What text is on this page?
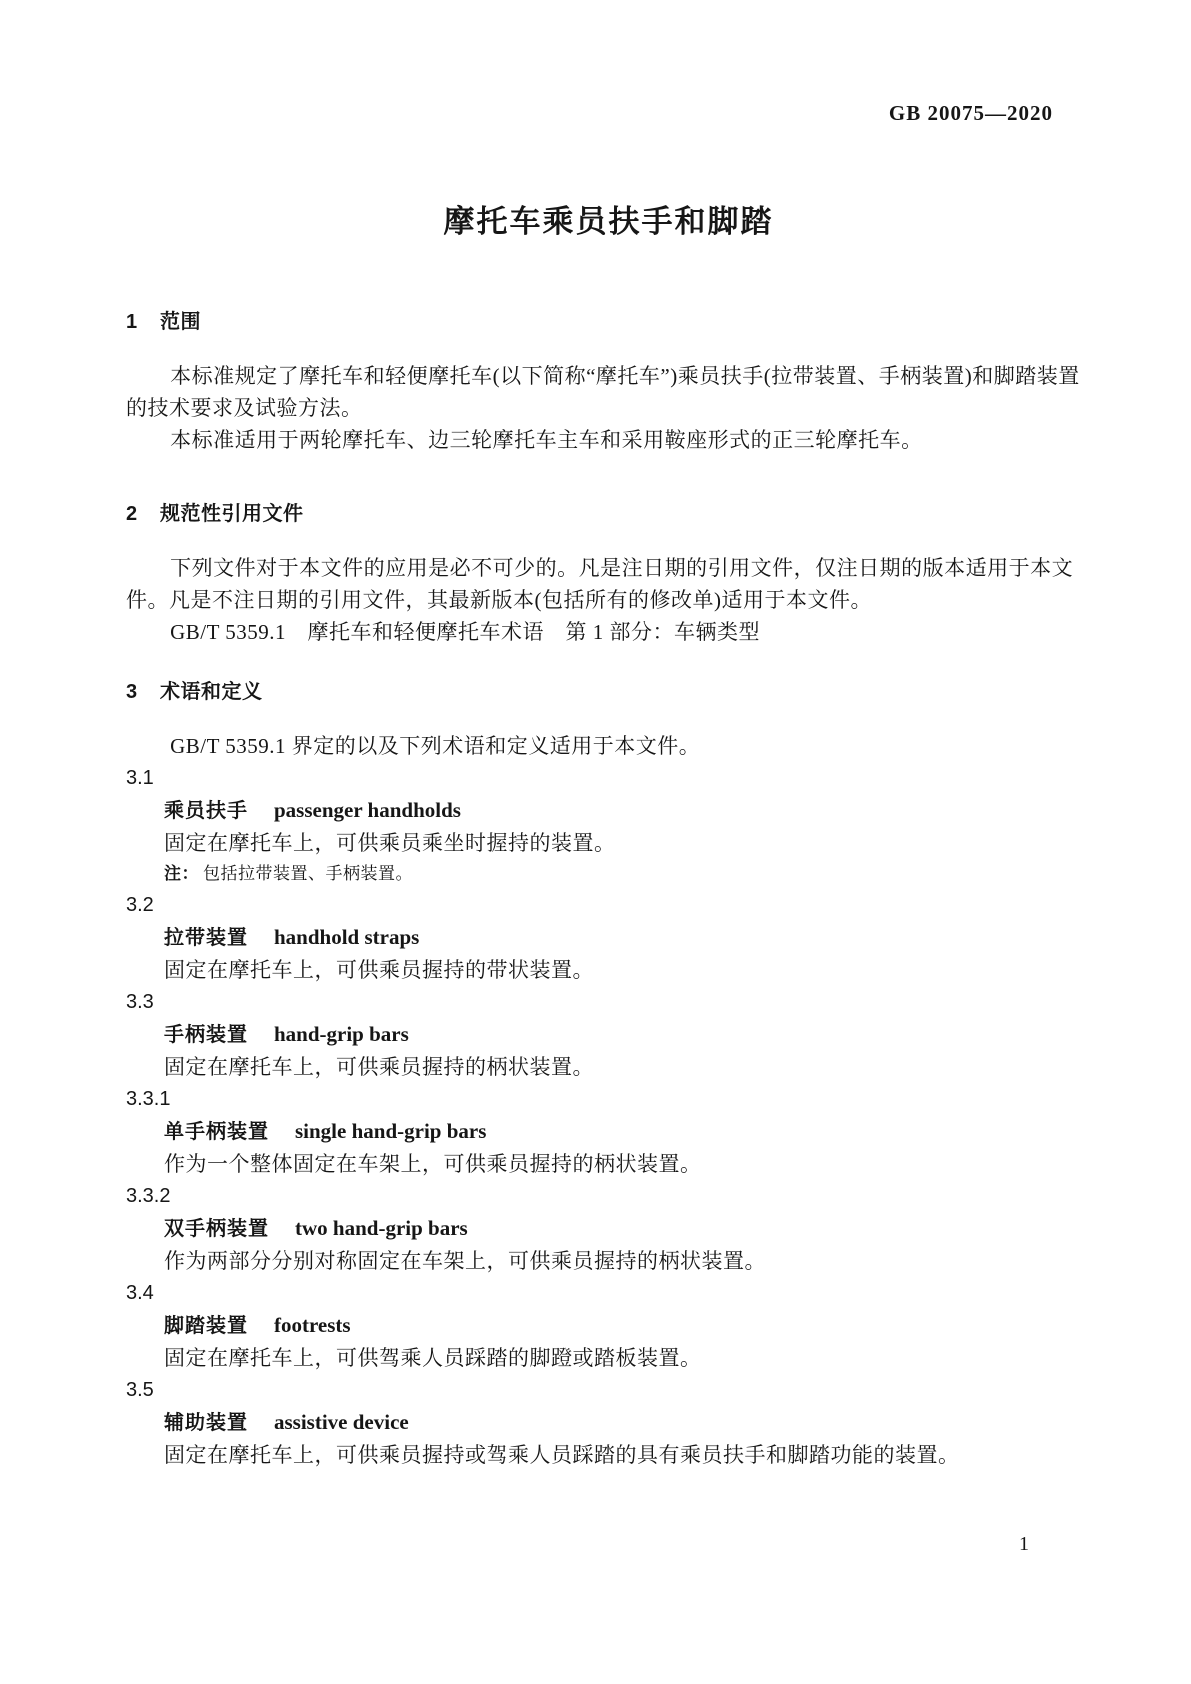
GB 20075—2020
摩托车乘员扶手和脚踏
1 范围

本标准规定了摩托车和轻便摩托车(以下简称“摩托车”)乘员扶手(拉带装置、手柄装置)和脚踏装置的技术要求及试验方法。

本标准适用于两轮摩托车、边三轮摩托车主车和采用鞍座形式的正三轮摩托车。

2 规范性引用文件

下列文件对于本文件的应用是必不可少的。凡是注日期的引用文件，仅注日期的版本适用于本文件。凡是不注日期的引用文件，其最新版本(包括所有的修改单)适用于本文件。

GB/T 5359.1　摩托车和轻便摩托车术语　第 1 部分：车辆类型

3 术语和定义

GB/T 5359.1 界定的以及下列术语和定义适用于本文件。

3.1
乘员扶手 passenger handholds
固定在摩托车上，可供乘员乘坐时握持的装置。
注： 包括拉带装置、手柄装置。
3.2
拉带装置 handhold straps
固定在摩托车上，可供乘员握持的带状装置。
3.3
手柄装置 hand-grip bars
固定在摩托车上，可供乘员握持的柄状装置。
3.3.1
单手柄装置 single hand-grip bars
作为一个整体固定在车架上，可供乘员握持的柄状装置。
3.3.2
双手柄装置 two hand-grip bars
作为两部分分别对称固定在车架上，可供乘员握持的柄状装置。
3.4
脚踏装置 footrests
固定在摩托车上，可供驾乘人员踩踏的脚蹬或踏板装置。
3.5
辅助装置 assistive device
固定在摩托车上，可供乘员握持或驾乘人员踩踏的具有乘员扶手和脚踏功能的装置。
1
